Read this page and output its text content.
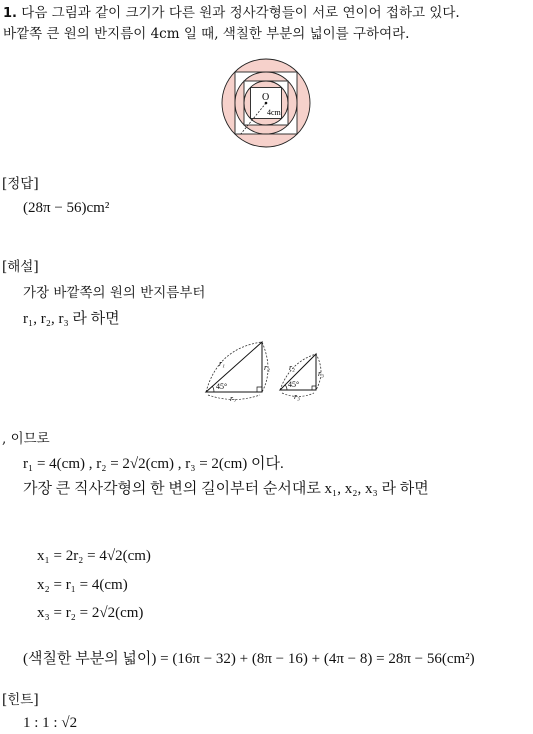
1. 다음 그림과 같이 크기가 다른 원과 정사각형들이 서로 연이어 접하고 있다.
바깥쪽 큰 원의 반지름이 4cm 일 때, 색칠한 부분의 넓이를 구하여라.
O
4cm
[정답]
(28π − 56)cm²
[해설]
가장 바깥쪽의 원의 반지름부터
r₁, r₂, r₃ 라 하면
45°
r₁	r₂
r₂
45°
r₂
r₃
r₃
, 이므로
r₁ = 4(cm) , r₂ = 2√2(cm) , r₃ = 2(cm) 이다.
가장 큰 직사각형의 한 변의 길이부터 순서대로 x₁, x₂, x₃ 라 하면
x₁ = 2r₂ = 4√2(cm)
x₂ = r₁ = 4(cm)
x₃ = r₂ = 2√2(cm)
(색칠한 부분의 넓이) = (16π − 32) + (8π − 16) + (4π − 8) = 28π − 56(cm²)
[힌트]
1 : 1 : √2
